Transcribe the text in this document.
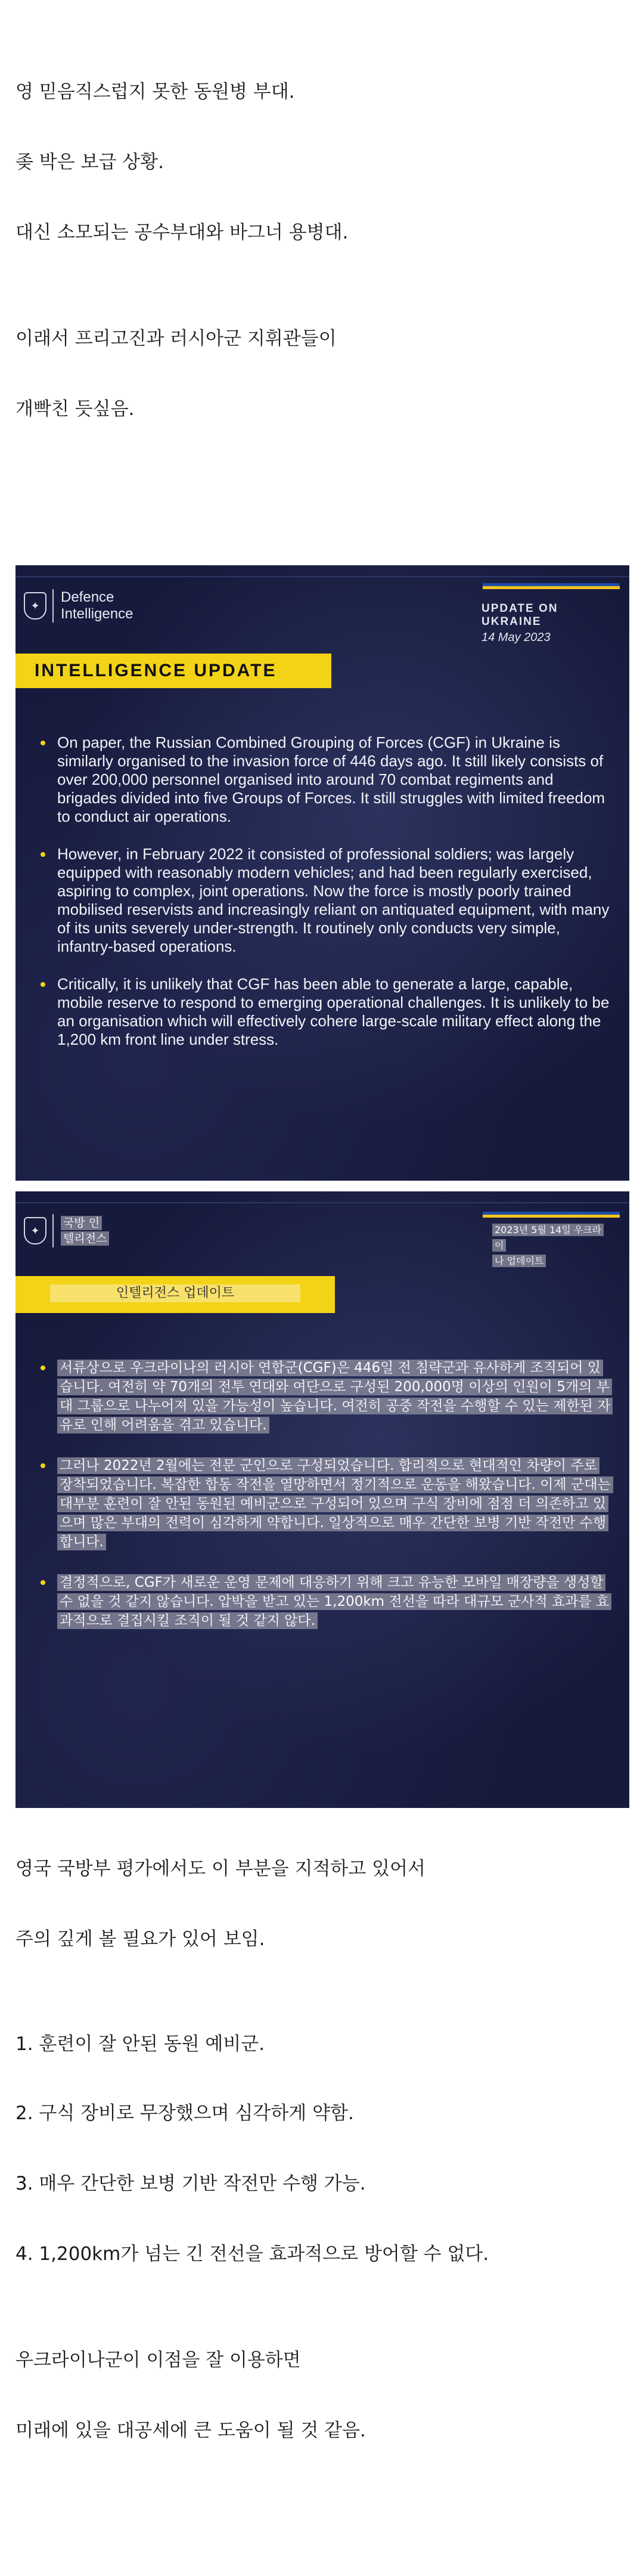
영 믿음직스럽지 못한 동원병 부대.
좆 박은 보급 상황.
대신 소모되는 공수부대와 바그너 용병대.
이래서 프리고진과 러시아군 지휘관들이
개빡친 듯싶음.
✦
Defence
Intelligence	UPDATE ON UKRAINE
14 May 2023
INTELLIGENCE UPDATE
On paper, the Russian Combined Grouping of Forces (CGF) in Ukraine is similarly organised to the invasion force of 446 days ago. It still likely consists of over 200,000 personnel organised into around 70 combat regiments and brigades divided into five Groups of Forces. It still struggles with limited freedom to conduct air operations.
However, in February 2022 it consisted of professional soldiers; was largely equipped with reasonably modern vehicles; and had been regularly exercised, aspiring to complex, joint operations. Now the force is mostly poorly trained mobilised reservists and increasingly reliant on antiquated equipment, with many of its units severely under-strength. It routinely only conducts very simple, infantry-based operations.
Critically, it is unlikely that CGF has been able to generate a large, capable, mobile reserve to respond to emerging operational challenges. It is unlikely to be an organisation which will effectively cohere large-scale military effect along the 1,200 km front line under stress.
✦
국방 인
텔리전스
2023년 5월 14일 우크라이
나 업데이트
인텔리전스 업데이트
서류상으로 우크라이나의 러시아 연합군(CGF)은 446일 전 침략군과 유사하게 조직되어 있습니다. 여전히 약 70개의 전투 연대와 여단으로 구성된 200,000명 이상의 인원이 5개의 부대 그룹으로 나누어져 있을 가능성이 높습니다. 여전히 공중 작전을 수행할 수 있는 제한된 자유로 인해 어려움을 겪고 있습니다.
그러나 2022년 2월에는 전문 군인으로 구성되었습니다. 합리적으로 현대적인 차량이 주로 장착되었습니다. 복잡한 합동 작전을 열망하면서 정기적으로 운동을 해왔습니다. 이제 군대는 대부분 훈련이 잘 안된 동원된 예비군으로 구성되어 있으며 구식 장비에 점점 더 의존하고 있으며 많은 부대의 전력이 심각하게 약합니다. 일상적으로 매우 간단한 보병 기반 작전만 수행합니다.
결정적으로, CGF가 새로운 운영 문제에 대응하기 위해 크고 유능한 모바일 매장량을 생성할 수 없을 것 같지 않습니다. 압박을 받고 있는 1,200km 전선을 따라 대규모 군사적 효과를 효과적으로 결집시킬 조직이 될 것 같지 않다.
영국 국방부 평가에서도 이 부분을 지적하고 있어서
주의 깊게 볼 필요가 있어 보임.
1. 훈련이 잘 안된 동원 예비군.
2. 구식 장비로 무장했으며 심각하게 약함.
3. 매우 간단한 보병 기반 작전만 수행 가능.
4. 1,200km가 넘는 긴 전선을 효과적으로 방어할 수 없다.
우크라이나군이 이점을 잘 이용하면
미래에 있을 대공세에 큰 도움이 될 것 같음.
